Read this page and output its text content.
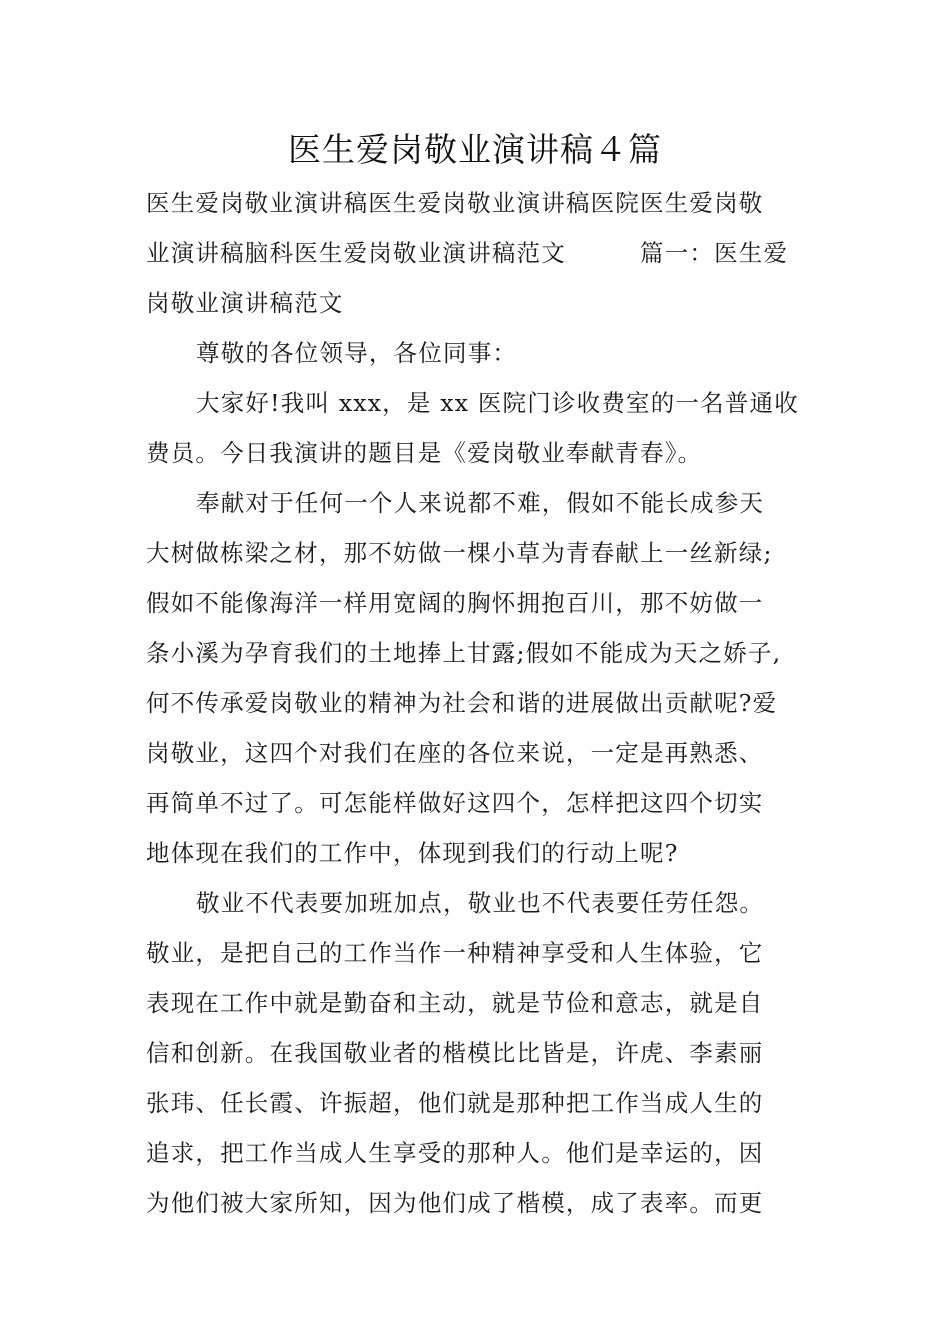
医生爱岗敬业演讲稿４篇
医生爱岗敬业演讲稿医生爱岗敬业演讲稿医院医生爱岗敬
业演讲稿脑科医生爱岗敬业演讲稿范文　　　篇一：医生爱
岗敬业演讲稿范文
尊敬的各位领导，各位同事：
大家好!我叫 xxx，是 xx 医院门诊收费室的一名普通收
费员。今日我演讲的题目是《爱岗敬业奉献青春》。
奉献对于任何一个人来说都不难，假如不能长成参天
大树做栋梁之材，那不妨做一棵小草为青春献上一丝新绿;
假如不能像海洋一样用宽阔的胸怀拥抱百川，那不妨做一
条小溪为孕育我们的土地捧上甘露;假如不能成为天之娇子,
何不传承爱岗敬业的精神为社会和谐的进展做出贡献呢?爱
岗敬业，这四个对我们在座的各位来说，一定是再熟悉、
再简单不过了。可怎能样做好这四个，怎样把这四个切实
地体现在我们的工作中，体现到我们的行动上呢?
敬业不代表要加班加点，敬业也不代表要任劳任怨。
敬业，是把自己的工作当作一种精神享受和人生体验，它
表现在工作中就是勤奋和主动，就是节俭和意志，就是自
信和创新。在我国敬业者的楷模比比皆是，许虎、李素丽
张玮、任长霞、许振超，他们就是那种把工作当成人生的
追求，把工作当成人生享受的那种人。他们是幸运的，因
为他们被大家所知，因为他们成了楷模，成了表率。而更
